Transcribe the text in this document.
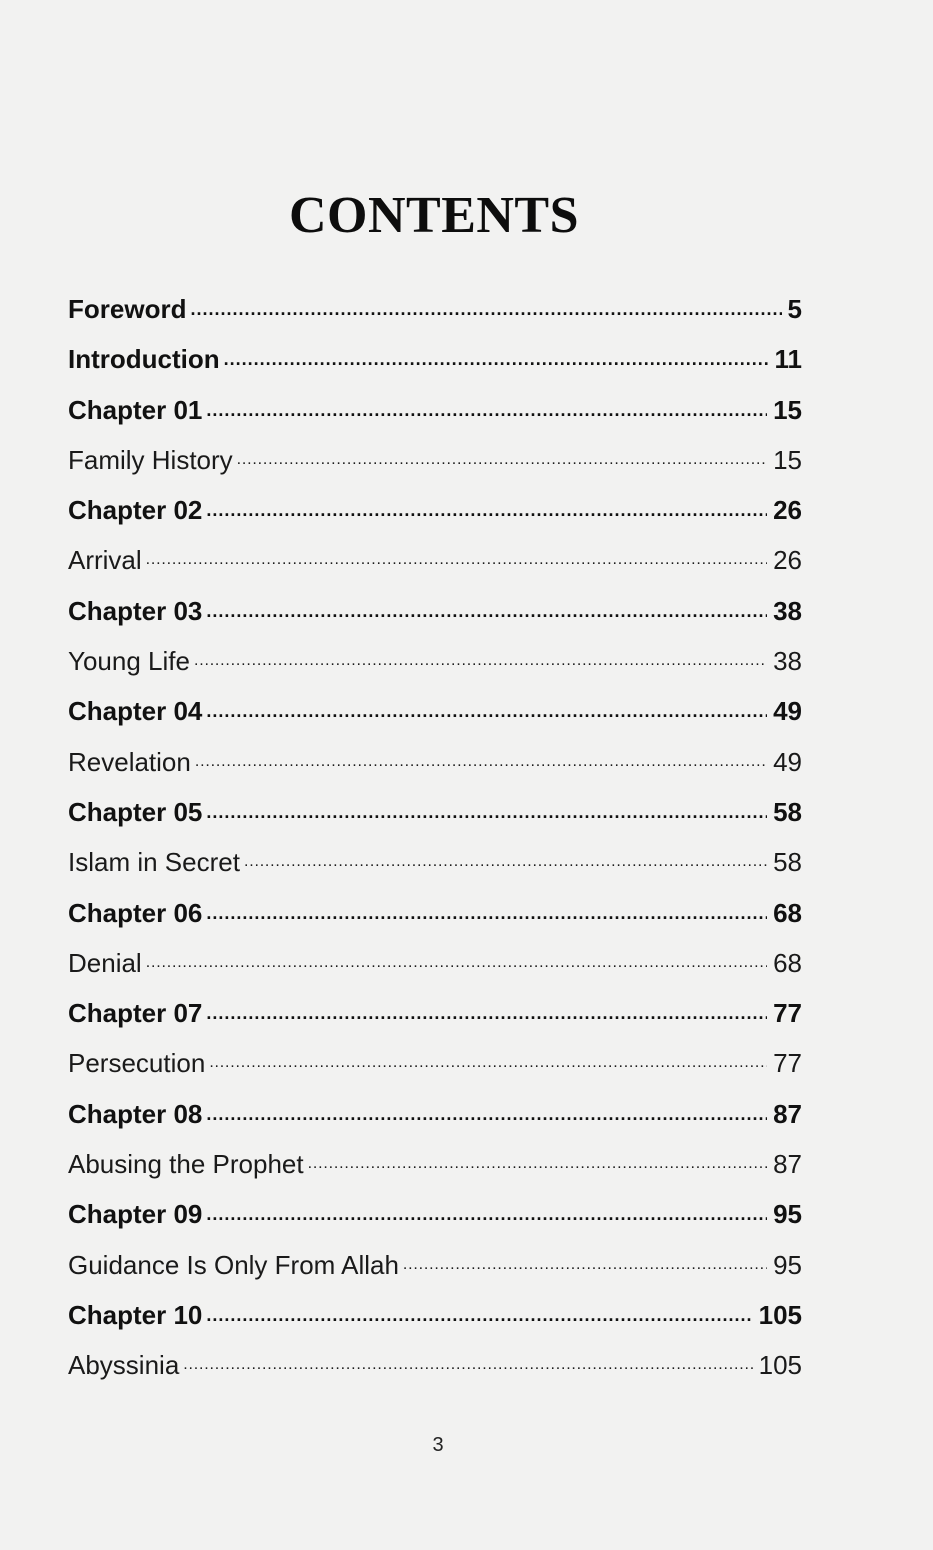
CONTENTS
Foreword .....	5
Introduction .....	11
Chapter 01 .....	15
Family History .....	15
Chapter 02 .....	26
Arrival .....	26
Chapter 03 .....	38
Young Life .....	38
Chapter 04 .....	49
Revelation .....	49
Chapter 05 .....	58
Islam in Secret .....	58
Chapter 06 .....	68
Denial .....	68
Chapter 07 .....	77
Persecution .....	77
Chapter 08 .....	87
Abusing the Prophet .....	87
Chapter 09 .....	95
Guidance Is Only From Allah .....	95
Chapter 10 .....	105
Abyssinia .....	105
3
